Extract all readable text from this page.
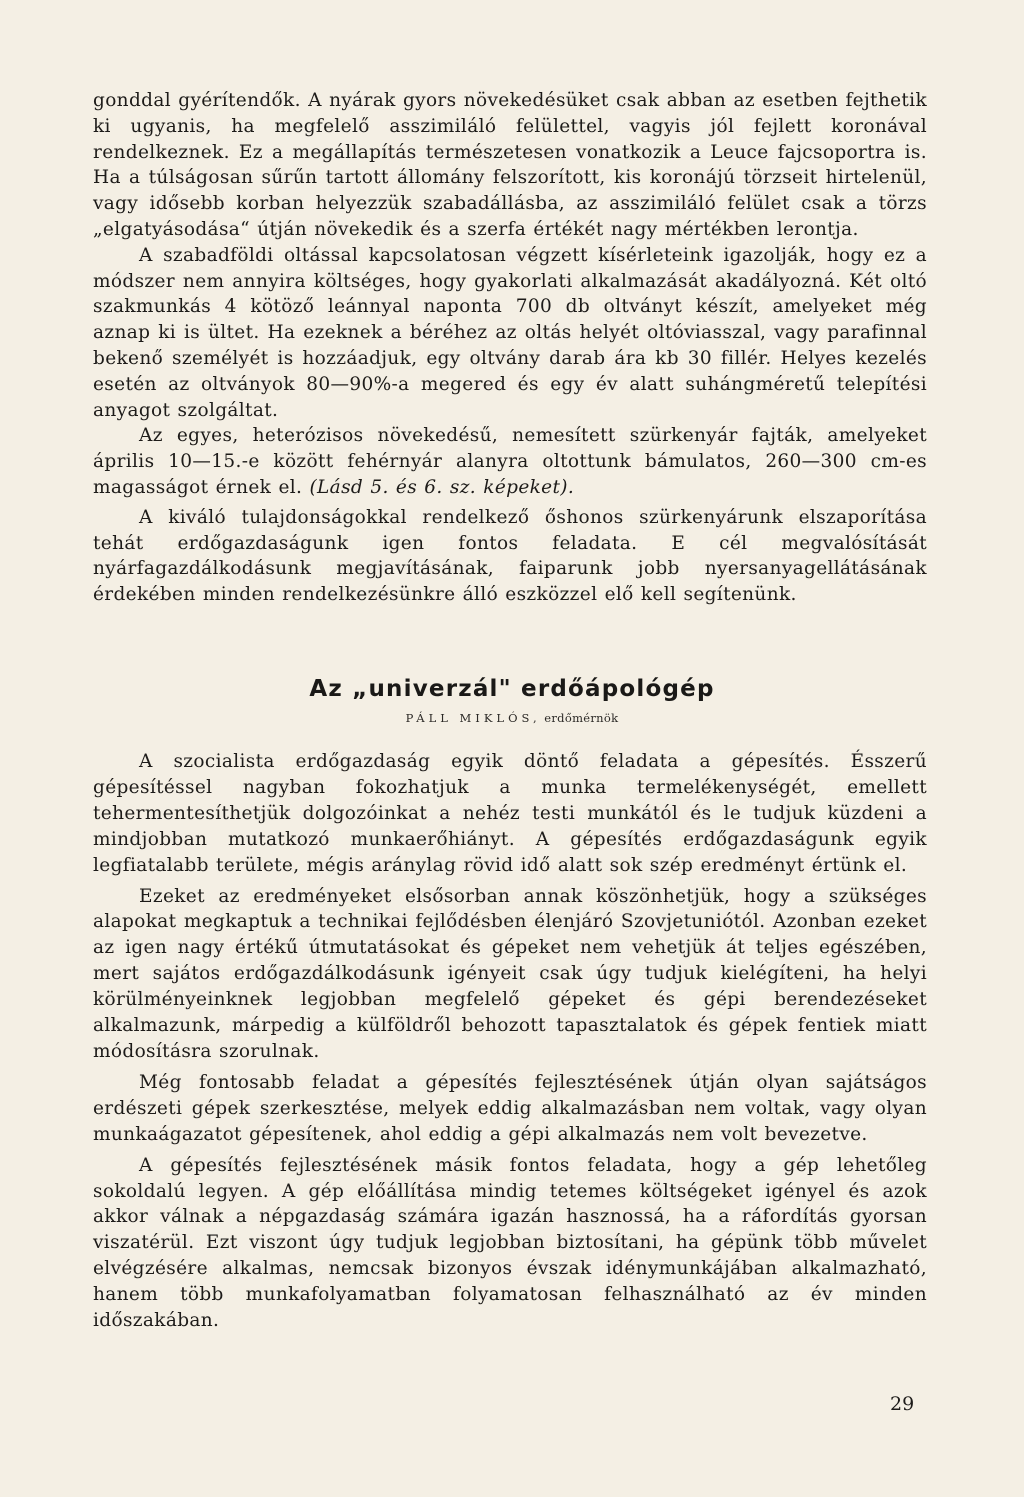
gonddal gyérítendők. A nyárak gyors növekedésüket csak abban az esetben fejthetik ki ugyanis, ha megfelelő asszimiláló felülettel, vagyis jól fejlett koronával rendelkeznek. Ez a megállapítás természetesen vonatkozik a Leuce fajcsoportra is. Ha a túlságosan sűrűn tartott állomány felszorított, kis koronájú törzseit hirtelenül, vagy idősebb korban helyezzük szabadállásba, az asszimiláló felület csak a törzs „elgatyásodása“ útján növekedik és a szerfa értékét nagy mértékben lerontja.

A szabadföldi oltással kapcsolatosan végzett kísérleteink igazolják, hogy ez a módszer nem annyira költséges, hogy gyakorlati alkalmazását akadályozná. Két oltó szakmunkás 4 kötöző leánnyal naponta 700 db oltványt készít, amelyeket még aznap ki is ültet. Ha ezeknek a béréhez az oltás helyét oltóviasszal, vagy parafinnal bekenő személyét is hozzáadjuk, egy oltvány darab ára kb 30 fillér. Helyes kezelés esetén az oltványok 80—90%-a megered és egy év alatt suhángméretű telepítési anyagot szolgáltat.

Az egyes, heterózisos növekedésű, nemesített szürkenyár fajták, amelyeket április 10—15.-e között fehérnyár alanyra oltottunk bámulatos, 260—300 cm-es magasságot érnek el. (Lásd 5. és 6. sz. képeket).

A kiváló tulajdonságokkal rendelkező őshonos szürkenyárunk elszaporítása tehát erdőgazdaságunk igen fontos feladata. E cél megvalósítását nyárfagazdálkodásunk megjavításának, faiparunk jobb nyersanyagellátásának érdekében minden rendelkezésünkre álló eszközzel elő kell segítenünk.

Az „univerzál" erdőápológép
PÁLL MIKLÓS, erdőmérnök

A szocialista erdőgazdaság egyik döntő feladata a gépesítés. Ésszerű gépesítéssel nagyban fokozhatjuk a munka termelékenységét, emellett tehermentesíthetjük dolgozóinkat a nehéz testi munkától és le tudjuk küzdeni a mindjobban mutatkozó munkaerőhiányt. A gépesítés erdőgazdaságunk egyik legfiatalabb területe, mégis aránylag rövid idő alatt sok szép eredményt értünk el.

Ezeket az eredményeket elsősorban annak köszönhetjük, hogy a szükséges alapokat megkaptuk a technikai fejlődésben élenjáró Szovjetuniótól. Azonban ezeket az igen nagy értékű útmutatásokat és gépeket nem vehetjük át teljes egészében, mert sajátos erdőgazdálkodásunk igényeit csak úgy tudjuk kielégíteni, ha helyi körülményeinknek legjobban megfelelő gépeket és gépi berendezéseket alkalmazunk, márpedig a külföldről behozott tapasztalatok és gépek fentiek miatt módosításra szorulnak.

Még fontosabb feladat a gépesítés fejlesztésének útján olyan sajátságos erdészeti gépek szerkesztése, melyek eddig alkalmazásban nem voltak, vagy olyan munkaágazatot gépesítenek, ahol eddig a gépi alkalmazás nem volt bevezetve.

A gépesítés fejlesztésének másik fontos feladata, hogy a gép lehetőleg sokoldalú legyen. A gép előállítása mindig tetemes költségeket igényel és azok akkor válnak a népgazdaság számára igazán hasznossá, ha a ráfordítás gyorsan viszatérül. Ezt viszont úgy tudjuk legjobban biztosítani, ha gépünk több művelet elvégzésére alkalmas, nemcsak bizonyos évszak idénymunkájában alkalmazható, hanem több munkafolyamatban folyamatosan felhasználható az év minden időszakában.

29
